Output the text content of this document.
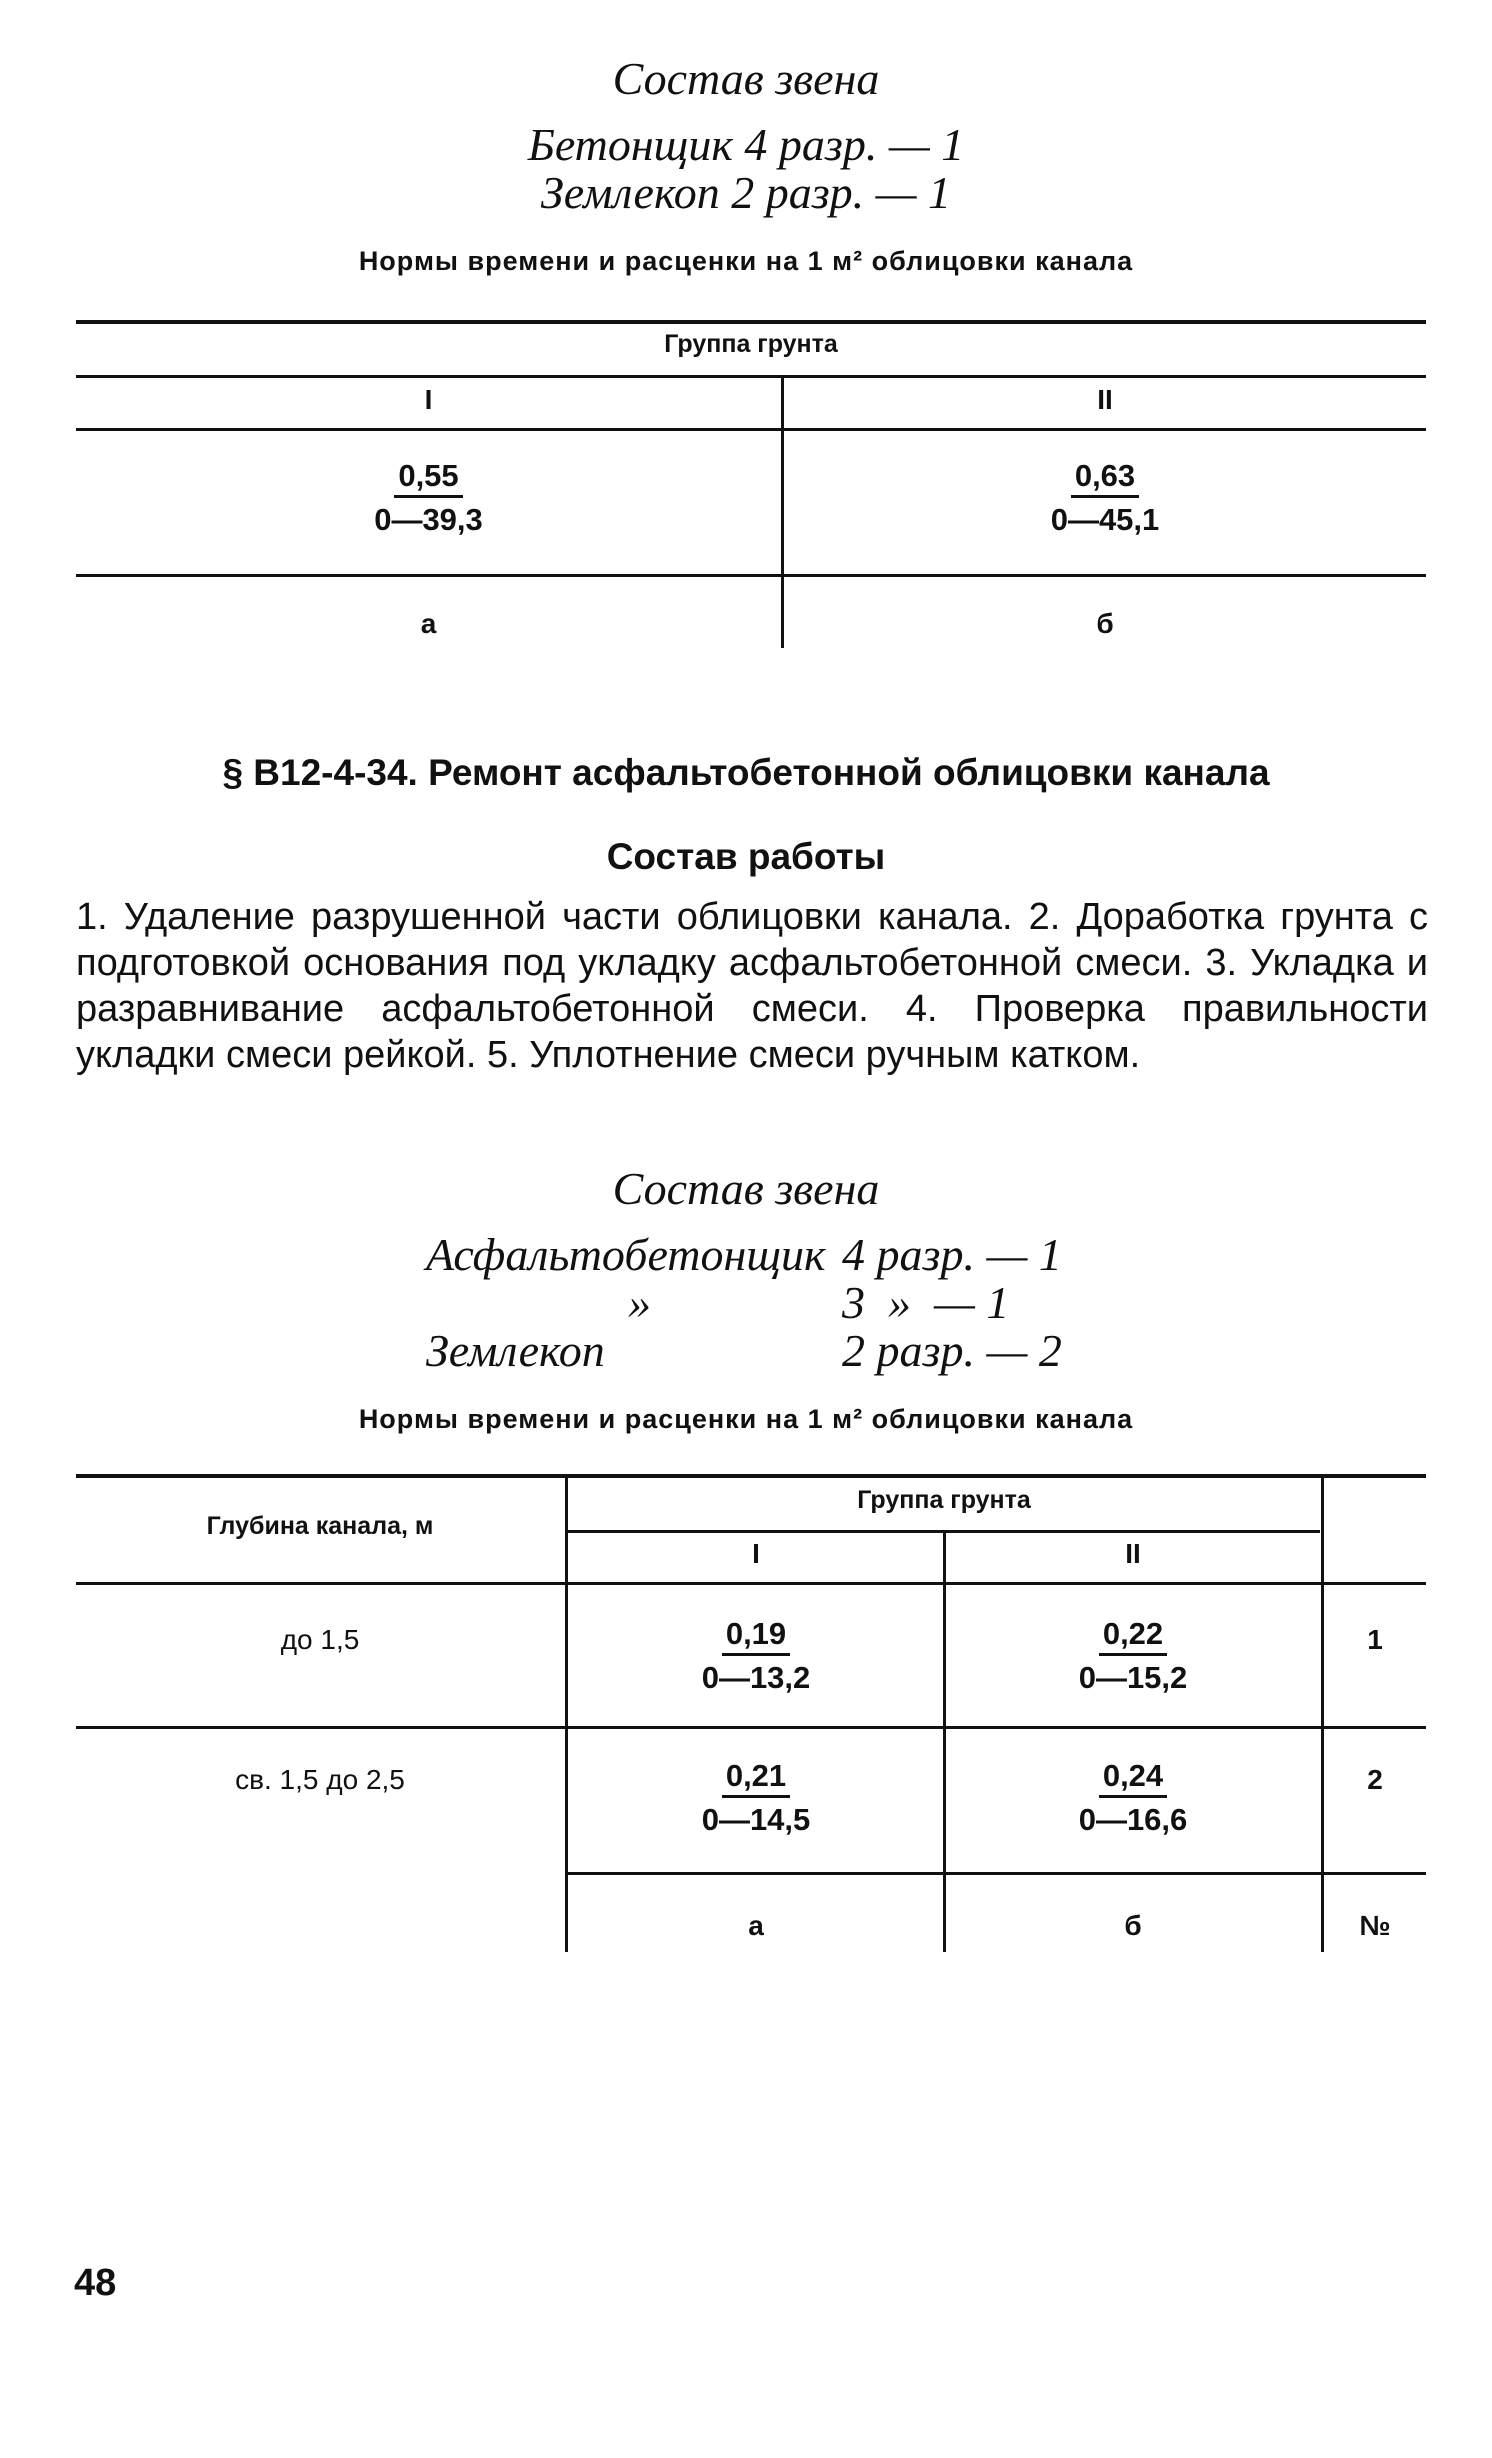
Состав звена
Бетонщик 4 разр. — 1
Землекоп 2 разр. — 1
Нормы времени и расценки на 1 м² облицовки канала
Группа грунта
I	II
$\frac{0,55}{0—39,3} \frac{0,63}{0—45,1}$
а	б
§ В12-4-34. Ремонт асфальтобетонной облицовки канала
Состав работы
1. Удаление разрушенной части облицовки канала. 2. Доработка грунта с подготовкой основания под укладку асфальтобетонной смеси. 3. Укладка и разравнивание асфальтобетонной смеси. 4. Проверка правильности укладки смеси рейкой. 5. Уплотнение смеси ручным катком.
Состав звена
Асфальтобетонщик 4 разр. — 1
»	3  »  — 1
Землекоп	2 разр. — 2
Нормы времени и расценки на 1 м² облицовки канала
Глубина канала, м
Группа грунта
I	II
до 1,5	$\frac{0,19}{0—13,2} \frac{0,22}{0—15,2}$	1
св. 1,5 до 2,5	$\frac{0,21}{0—14,5} \frac{0,24}{0—16,6}$	2
а	б	№
48
